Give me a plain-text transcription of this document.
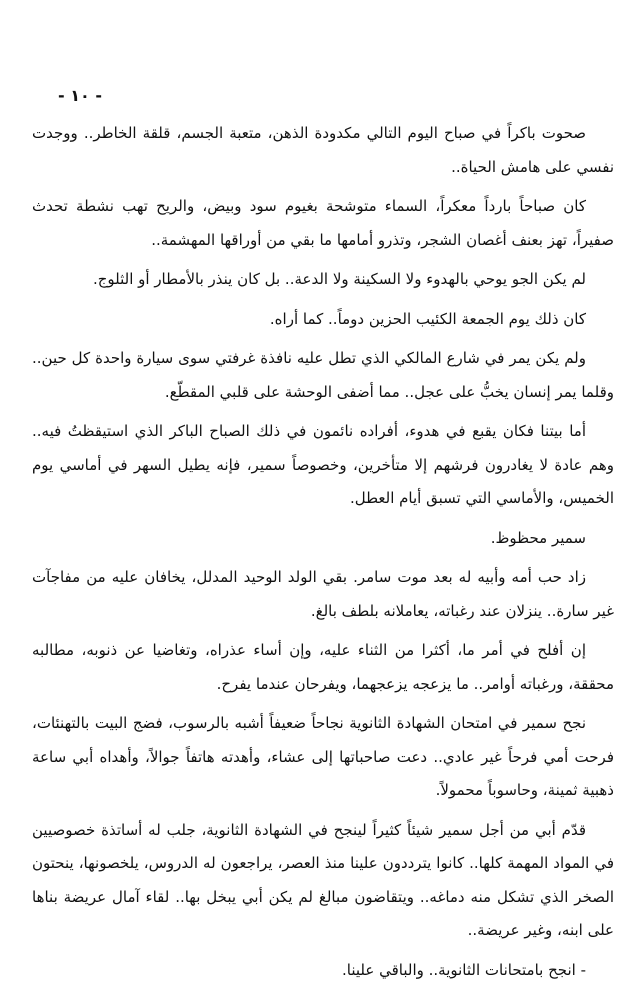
- ١٠ -

صحوت باكراً في صباح اليوم التالي مكدودة الذهن، متعبة الجسم، قلقة الخاطر.. ووجدت نفسي على هامش الحياة..

كان صباحاً بارداً معكراً، السماء متوشحة بغيوم سود وبيض، والريح تهب نشطة تحدث صفيراً، تهز بعنف أغصان الشجر، وتذرو أمامها ما بقي من أوراقها المهشمة..

لم يكن الجو يوحي بالهدوء ولا السكينة ولا الدعة.. بل كان ينذر بالأمطار أو الثلوج.

كان ذلك يوم الجمعة الكئيب الحزين دوماً.. كما أراه.

ولم يكن يمر في شارع المالكي الذي تطل عليه نافذة غرفتي سوى سيارة واحدة كل حين.. وقلما يمر إنسان يخبُّ على عجل.. مما أضفى الوحشة على قلبي المقطّع.

أما بيتنا فكان يقبع في هدوء، أفراده نائمون في ذلك الصباح الباكر الذي استيقظتُ فيه.. وهم عادة لا يغادرون فرشهم إلا متأخرين، وخصوصاً سمير، فإنه يطيل السهر في أماسي يوم الخميس، والأماسي التي تسبق أيام العطل.

سمير محظوظ.

زاد حب أمه وأبيه له بعد موت سامر. بقي الولد الوحيد المدلل، يخافان عليه من مفاجآت غير سارة.. ينزلان عند رغباته، يعاملانه بلطف بالغ.

إن أفلح في أمر ما، أكثرا من الثناء عليه، وإن أساء عذراه، وتغاضيا عن ذنوبه، مطالبه محققة، ورغباته أوامر.. ما يزعجه يزعجهما، ويفرحان عندما يفرح.

نجح سمير في امتحان الشهادة الثانوية نجاحاً ضعيفاً أشبه بالرسوب، فضج البيت بالتهنئات، فرحت أمي فرحاً غير عادي.. دعت صاحباتها إلى عشاء، وأهدته هاتفاً جوالاً، وأهداه أبي ساعة ذهبية ثمينة، وحاسوباً محمولاً.

قدّم أبي من أجل سمير شيئاً كثيراً لينجح في الشهادة الثانوية، جلب له أساتذة خصوصيين في المواد المهمة كلها.. كانوا يترددون علينا منذ العصر، يراجعون له الدروس، يلخصونها، ينحتون الصخر الذي تشكل منه دماغه.. ويتقاضون مبالغ لم يكن أبي يبخل بها.. لقاء آمال عريضة بناها على ابنه، وغير عريضة..

- انجح بامتحانات الثانوية.. والباقي علينا.
